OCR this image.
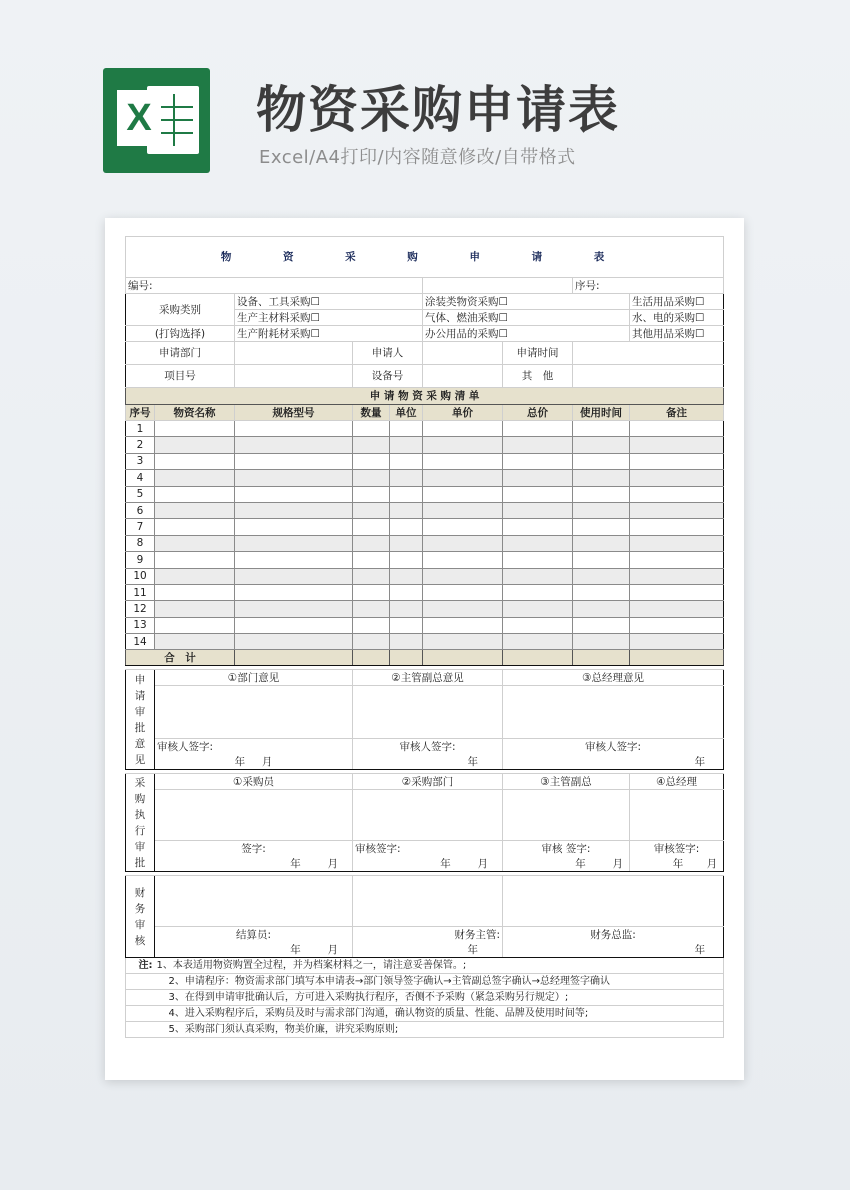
X 物资采购申请表
Excel/A4打印/内容随意修改/自带格式
物 资 采 购 申 请 表								
编号:							序号:	
采购类别		设备、工具采购☐			涂装类物资采购☐			生活用品采购☐
		生产主材料采购☐			气体、燃油采购☐			水、电的采购☐
(打钩选择)		生产附耗材采购☐			办公用品的采购☐			其他用品采购☐
申请部门			申请人			申请时间		
项目号			设备号			其　他		
申 请 物 资 采 购 清 单								
序号	物资名称	规格型号	数量	单位	单价	总价	使用时间	备注
1								
2								
3								
4								
5								
6								
7								
8								
9								
10								
11								
12								
13								
14								
合　计								

申请审批意见	①部门意见		②主管副总意见			③总经理意见		

	审核人签字:		审核人签字:			审核人签字:		
	年 月		年			年		

采购执行审批	①采购员		②采购部门			③主管副总		④总经理

	签字:		审核签字:			审核 签字:		审核签字:
	年 月		年 月			年 月		年 月

财务审核								
	结算员:		财务主管:			财务总监:		
	年 月		年			年		
注:	1、本表适用物资购置全过程，并为档案材料之一，请注意妥善保管。;							
	2、申请程序：物资需求部门填写本申请表→部门领导签字确认→主管副总签字确认→总经理签字确认							
	3、在得到申请审批确认后，方可进入采购执行程序，否侧不予采购（紧急采购另行规定）;							
	4、进入采购程序后，采购员及时与需求部门沟通，确认物资的质量、性能、品牌及使用时间等;							
	5、采购部门须认真采购，物美价廉，讲究采购原则;							
